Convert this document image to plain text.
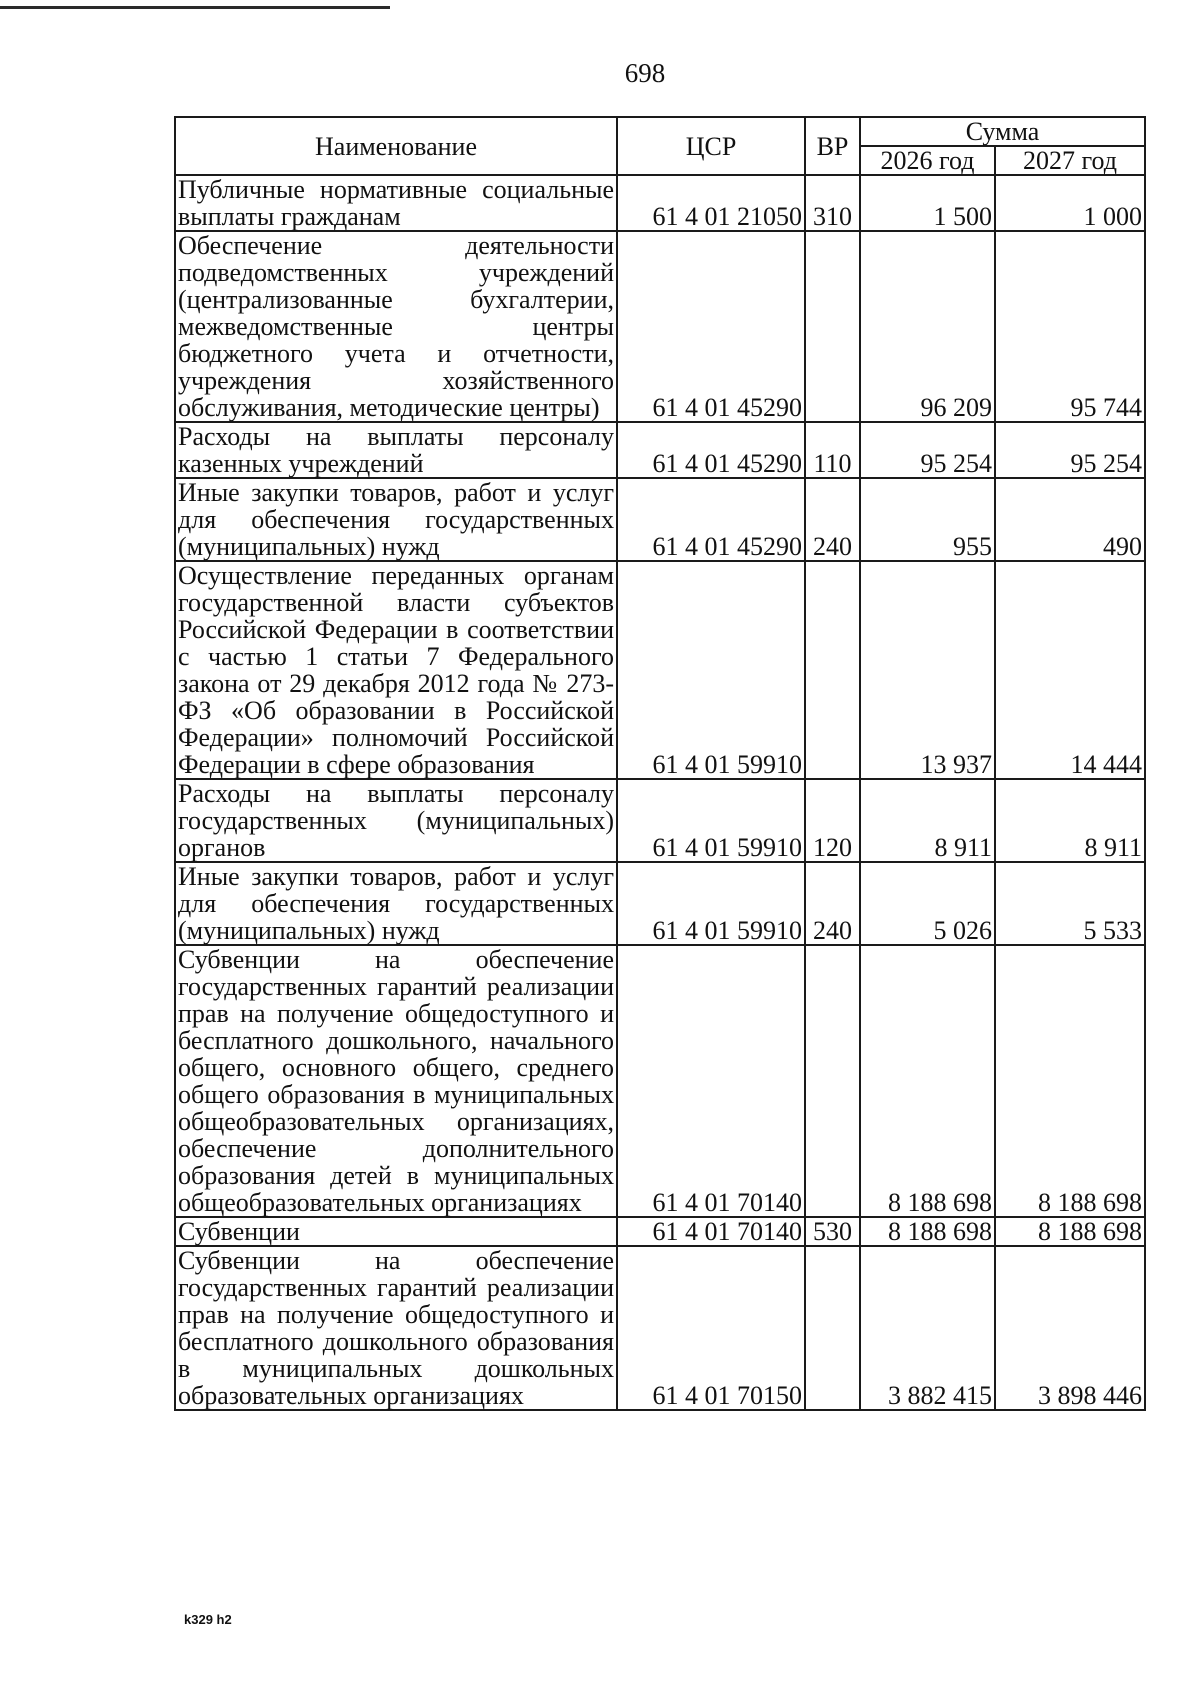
698
Наименование	ЦСР	ВР	Сумма	
			2026 год	2027 год
Публичные нормативные социальные выплаты гражданам	61 4 01 21050	310	1 500	1 000
Обеспечение деятельности подведомственных учреждений (централизованные бухгалтерии, межведомственные центры бюджетного учета и отчетности, учреждения хозяйственного обслуживания, методические центры)	61 4 01 45290		96 209	95 744
Расходы на выплаты персоналу казенных учреждений	61 4 01 45290	110	95 254	95 254
Иные закупки товаров, работ и услуг для обеспечения государственных (муниципальных) нужд	61 4 01 45290	240	955	490
Осуществление переданных органам государственной власти субъектов Российской Федерации в соответствии с частью 1 статьи 7 Федерального закона от 29 декабря 2012 года № 273-ФЗ «Об образовании в Российской Федерации» полномочий Российской Федерации в сфере образования	61 4 01 59910		13 937	14 444
Расходы на выплаты персоналу государственных (муниципальных) органов	61 4 01 59910	120	8 911	8 911
Иные закупки товаров, работ и услуг для обеспечения государственных (муниципальных) нужд	61 4 01 59910	240	5 026	5 533
Субвенции на обеспечение государственных гарантий реализации прав на получение общедоступного и бесплатного дошкольного, начального общего, основного общего, среднего общего образования в муниципальных общеобразовательных организациях, обеспечение дополнительного образования детей в муниципальных общеобразовательных организациях	61 4 01 70140		8 188 698	8 188 698
Субвенции	61 4 01 70140	530	8 188 698	8 188 698
Субвенции на обеспечение государственных гарантий реализации прав на получение общедоступного и бесплатного дошкольного образования в муниципальных дошкольных образовательных организациях	61 4 01 70150		3 882 415	3 898 446
k329 h2
